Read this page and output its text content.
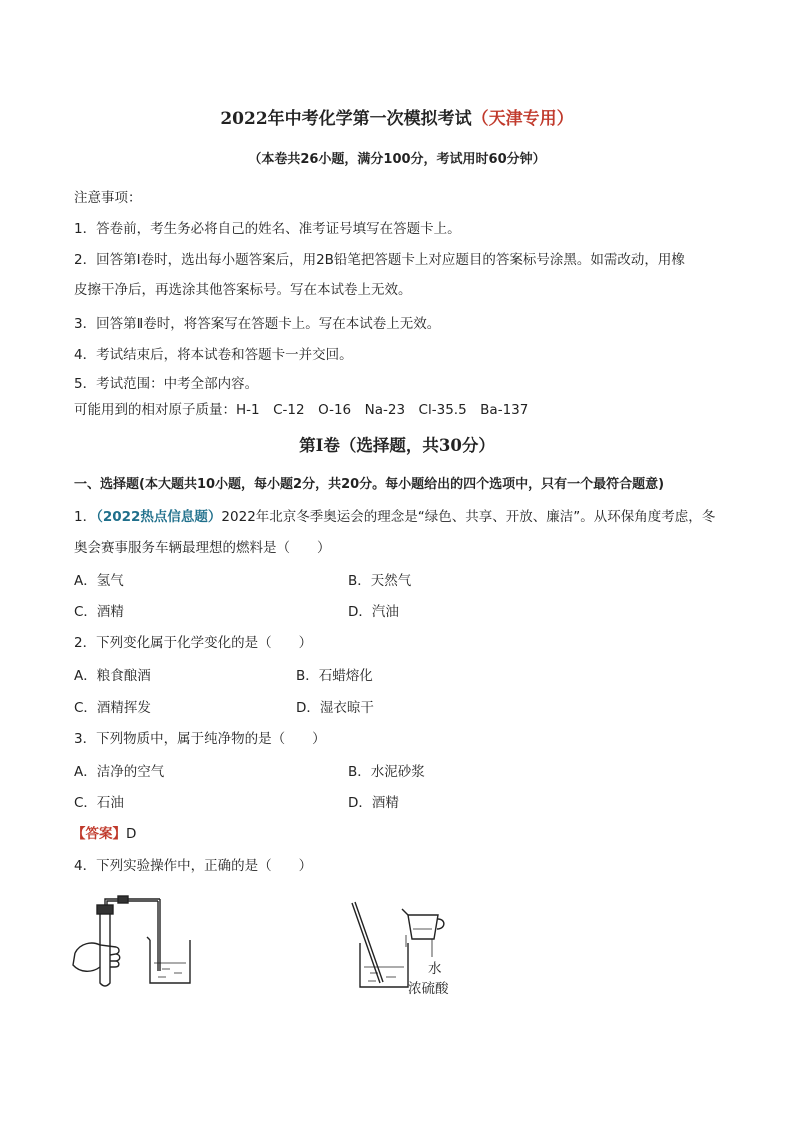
2022年中考化学第一次模拟考试（天津专用）
（本卷共26小题，满分100分，考试用时60分钟）
注意事项：
1．答卷前，考生务必将自己的姓名、准考证号填写在答题卡上。
2．回答第Ⅰ卷时，选出每小题答案后，用2B铅笔把答题卡上对应题目的答案标号涂黑。如需改动，用橡
皮擦干净后，再选涂其他答案标号。写在本试卷上无效。
3．回答第Ⅱ卷时，将答案写在答题卡上。写在本试卷上无效。
4．考试结束后，将本试卷和答题卡一并交回。
5．考试范围：中考全部内容。
可能用到的相对原子质量：H-1　C-12　O-16　Na-23　Cl-35.5　Ba-137
第Ⅰ卷（选择题，共30分）
一、选择题(本大题共10小题，每小题2分，共20分。每小题给出的四个选项中，只有一个最符合题意)
1．（2022热点信息题）2022年北京冬季奥运会的理念是“绿色、共享、开放、廉洁”。从环保角度考虑，冬
奥会赛事服务车辆最理想的燃料是（　　）
A．氢气	B．天然气
C．酒精	D．汽油
2．下列变化属于化学变化的是（　　）
A．粮食酿酒	B．石蜡熔化
C．酒精挥发	D．湿衣晾干
3．下列物质中，属于纯净物的是（　　）
A．洁净的空气	B．水泥砂浆
C．石油	D．酒精
【答案】D
4．下列实验操作中，正确的是（　　）
水
浓硫酸
